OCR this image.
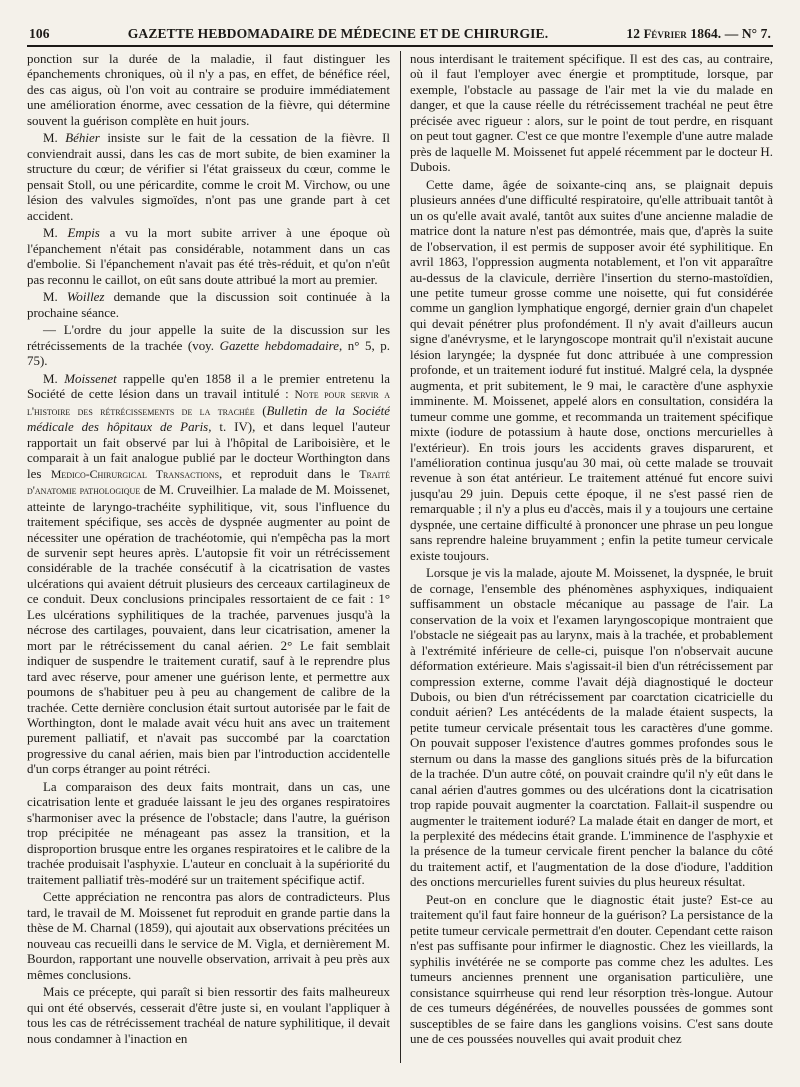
106	GAZETTE HEBDOMADAIRE DE MÉDECINE ET DE CHIRURGIE.	12 Février 1864. — N° 7.

ponction sur la durée de la maladie, il faut distinguer les épanchements chroniques, où il n'y a pas, en effet, de bénéfice réel, des cas aigus, où l'on voit au contraire se produire immédiatement une amélioration énorme, avec cessation de la fièvre, qui détermine souvent la guérison complète en huit jours.

M. Béhier insiste sur le fait de la cessation de la fièvre. Il conviendrait aussi, dans les cas de mort subite, de bien examiner la structure du cœur; de vérifier si l'état graisseux du cœur, comme le pensait Stoll, ou une péricardite, comme le croit M. Virchow, ou une lésion des valvules sigmoïdes, n'ont pas une grande part à cet accident.

M. Empis a vu la mort subite arriver à une époque où l'épanchement n'était pas considérable, notamment dans un cas d'embolie. Si l'épanchement n'avait pas été très-réduit, et qu'on n'eût pas reconnu le caillot, on eût sans doute attribué la mort au premier.

M. Woillez demande que la discussion soit continuée à la prochaine séance.

— L'ordre du jour appelle la suite de la discussion sur les rétrécissements de la trachée (voy. Gazette hebdomadaire, n° 5, p. 75).

M. Moissenet rappelle qu'en 1858 il a le premier entretenu la Société de cette lésion dans un travail intitulé : Note pour servir a l'histoire des rétrécissements de la trachée (Bulletin de la Société médicale des hôpitaux de Paris, t. IV), et dans lequel l'auteur rapportait un fait observé par lui à l'hôpital de Lariboisière, et le comparait à un fait analogue publié par le docteur Worthington dans les Medico-Chirurgical Transactions, et reproduit dans le Traité d'anatomie pathologique de M. Cruveilhier. La malade de M. Moissenet, atteinte de laryngo-trachéite syphilitique, vit, sous l'influence du traitement spécifique, ses accès de dyspnée augmenter au point de nécessiter une opération de trachéotomie, qui n'empêcha pas la mort de survenir sept heures après. L'autopsie fit voir un rétrécissement considérable de la trachée consécutif à la cicatrisation de vastes ulcérations qui avaient détruit plusieurs des cerceaux cartilagineux de ce conduit. Deux conclusions principales ressortaient de ce fait : 1° Les ulcérations syphilitiques de la trachée, parvenues jusqu'à la nécrose des cartilages, pouvaient, dans leur cicatrisation, amener la mort par le rétrécissement du canal aérien. 2° Le fait semblait indiquer de suspendre le traitement curatif, sauf à le reprendre plus tard avec réserve, pour amener une guérison lente, et permettre aux poumons de s'habituer peu à peu au changement de calibre de la trachée. Cette dernière conclusion était surtout autorisée par le fait de Worthington, dont le malade avait vécu huit ans avec un traitement purement palliatif, et n'avait pas succombé par la coarctation progressive du canal aérien, mais bien par l'introduction accidentelle d'un corps étranger au point rétréci.

La comparaison des deux faits montrait, dans un cas, une cicatrisation lente et graduée laissant le jeu des organes respiratoires s'harmoniser avec la présence de l'obstacle; dans l'autre, la guérison trop précipitée ne ménageant pas assez la transition, et la disproportion brusque entre les organes respiratoires et le calibre de la trachée produisait l'asphyxie. L'auteur en concluait à la supériorité du traitement palliatif très-modéré sur un traitement spécifique actif.

Cette appréciation ne rencontra pas alors de contradicteurs. Plus tard, le travail de M. Moissenet fut reproduit en grande partie dans la thèse de M. Charnal (1859), qui ajoutait aux observations précitées un nouveau cas recueilli dans le service de M. Vigla, et dernièrement M. Bourdon, rapportant une nouvelle observation, arrivait à peu près aux mêmes conclusions.

Mais ce précepte, qui paraît si bien ressortir des faits malheureux qui ont été observés, cesserait d'être juste si, en voulant l'appliquer à tous les cas de rétrécissement trachéal de nature syphilitique, il devait nous condamner à l'inaction en

nous interdisant le traitement spécifique. Il est des cas, au contraire, où il faut l'employer avec énergie et promptitude, lorsque, par exemple, l'obstacle au passage de l'air met la vie du malade en danger, et que la cause réelle du rétrécissement trachéal ne peut être précisée avec rigueur : alors, sur le point de tout perdre, en risquant on peut tout gagner. C'est ce que montre l'exemple d'une autre malade près de laquelle M. Moissenet fut appelé récemment par le docteur H. Dubois.

Cette dame, âgée de soixante-cinq ans, se plaignait depuis plusieurs années d'une difficulté respiratoire, qu'elle attribuait tantôt à un os qu'elle avait avalé, tantôt aux suites d'une ancienne maladie de matrice dont la nature n'est pas démontrée, mais que, d'après la suite de l'observation, il est permis de supposer avoir été syphilitique. En avril 1863, l'oppression augmenta notablement, et l'on vit apparaître au-dessus de la clavicule, derrière l'insertion du sterno-mastoïdien, une petite tumeur grosse comme une noisette, qui fut considérée comme un ganglion lymphatique engorgé, dernier grain d'un chapelet qui devait pénétrer plus profondément. Il n'y avait d'ailleurs aucun signe d'anévrysme, et le laryngoscope montrait qu'il n'existait aucune lésion laryngée; la dyspnée fut donc attribuée à une compression profonde, et un traitement ioduré fut institué. Malgré cela, la dyspnée augmenta, et prit subitement, le 9 mai, le caractère d'une asphyxie imminente. M. Moissenet, appelé alors en consultation, considéra la tumeur comme une gomme, et recommanda un traitement spécifique mixte (iodure de potassium à haute dose, onctions mercurielles à l'extérieur). En trois jours les accidents graves disparurent, et l'amélioration continua jusqu'au 30 mai, où cette malade se trouvait revenue à son état antérieur. Le traitement atténué fut encore suivi jusqu'au 29 juin. Depuis cette époque, il ne s'est passé rien de remarquable ; il n'y a plus eu d'accès, mais il y a toujours une certaine dyspnée, une certaine difficulté à prononcer une phrase un peu longue sans reprendre haleine bruyamment ; enfin la petite tumeur cervicale existe toujours.

Lorsque je vis la malade, ajoute M. Moissenet, la dyspnée, le bruit de cornage, l'ensemble des phénomènes asphyxiques, indiquaient suffisamment un obstacle mécanique au passage de l'air. La conservation de la voix et l'examen laryngoscopique montraient que l'obstacle ne siégeait pas au larynx, mais à la trachée, et probablement à l'extrémité inférieure de celle-ci, puisque l'on n'observait aucune déformation extérieure. Mais s'agissait-il bien d'un rétrécissement par compression externe, comme l'avait déjà diagnostiqué le docteur Dubois, ou bien d'un rétrécissement par coarctation cicatricielle du conduit aérien? Les antécédents de la malade étaient suspects, la petite tumeur cervicale présentait tous les caractères d'une gomme. On pouvait supposer l'existence d'autres gommes profondes sous le sternum ou dans la masse des ganglions situés près de la bifurcation de la trachée. D'un autre côté, on pouvait craindre qu'il n'y eût dans le canal aérien d'autres gommes ou des ulcérations dont la cicatrisation trop rapide pouvait augmenter la coarctation. Fallait-il suspendre ou augmenter le traitement ioduré? La malade était en danger de mort, et la perplexité des médecins était grande. L'imminence de l'asphyxie et la présence de la tumeur cervicale firent pencher la balance du côté du traitement actif, et l'augmentation de la dose d'iodure, l'addition des onctions mercurielles furent suivies du plus heureux résultat.

Peut-on en conclure que le diagnostic était juste? Est-ce au traitement qu'il faut faire honneur de la guérison? La persistance de la petite tumeur cervicale permettrait d'en douter. Cependant cette raison n'est pas suffisante pour infirmer le diagnostic. Chez les vieillards, la syphilis invétérée ne se comporte pas comme chez les adultes. Les tumeurs anciennes prennent une organisation particulière, une consistance squirrheuse qui rend leur résorption très-longue. Autour de ces tumeurs dégénérées, de nouvelles poussées de gommes sont susceptibles de se faire dans les ganglions voisins. C'est sans doute une de ces poussées nouvelles qui avait produit chez
